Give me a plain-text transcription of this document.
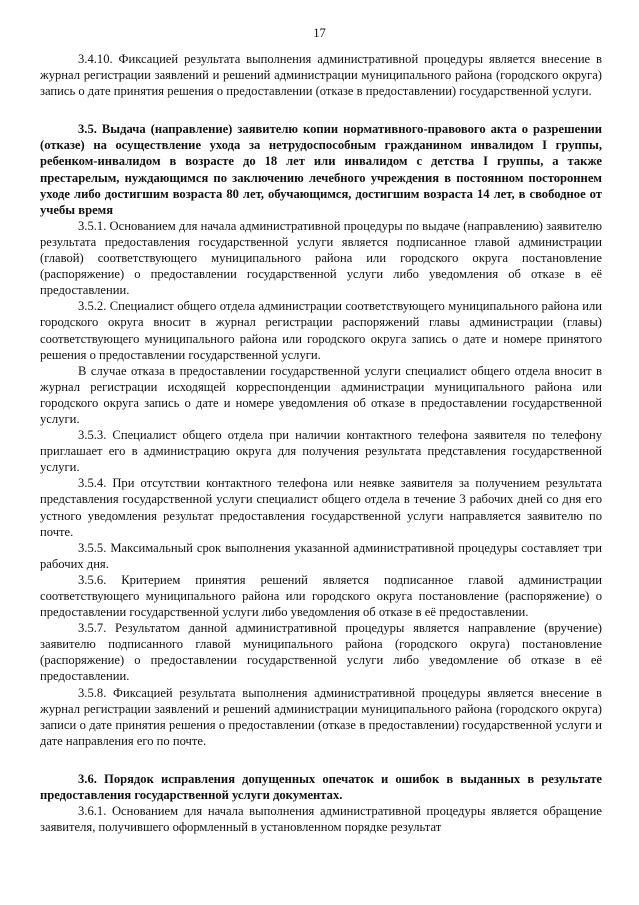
17

3.4.10. Фиксацией результата выполнения административной процедуры является внесение в журнал регистрации заявлений и решений администрации муниципального района (городского округа) запись о дате принятия решения о предоставлении (отказе в предоставлении) государственной услуги.

3.5. Выдача (направление) заявителю копии нормативного-правового акта о разрешении (отказе) на осуществление ухода за нетрудоспособным гражданином инвалидом I группы, ребенком-инвалидом в возрасте до 18 лет или инвалидом с детства I группы, а также престарелым, нуждающимся по заключению лечебного учреждения в постоянном постороннем уходе либо достигшим возраста 80 лет, обучающимся, достигшим возраста 14 лет, в свободное от учебы время

3.5.1. Основанием для начала административной процедуры по выдаче (направлению) заявителю результата предоставления государственной услуги является подписанное главой администрации (главой) соответствующего муниципального района или городского округа постановление (распоряжение) о предоставлении государственной услуги либо уведомления об отказе в её предоставлении.

3.5.2. Специалист общего отдела администрации соответствующего муниципального района или городского округа вносит в журнал регистрации распоряжений главы администрации (главы) соответствующего муниципального района или городского округа запись о дате и номере принятого решения о предоставлении государственной услуги.

В случае отказа в предоставлении государственной услуги специалист общего отдела вносит в журнал регистрации исходящей корреспонденции администрации муниципального района или городского округа запись о дате и номере уведомления об отказе в предоставлении государственной услуги.

3.5.3. Специалист общего отдела при наличии контактного телефона заявителя по телефону приглашает его в администрацию округа для получения результата представления государственной услуги.

3.5.4. При отсутствии контактного телефона или неявке заявителя за получением результата представления государственной услуги специалист общего отдела в течение 3 рабочих дней со дня его устного уведомления результат предоставления государственной услуги направляется заявителю по почте.

3.5.5. Максимальный срок выполнения указанной административной процедуры составляет три рабочих дня.

3.5.6. Критерием принятия решений является подписанное главой администрации соответствующего муниципального района или городского округа постановление (распоряжение) о предоставлении государственной услуги либо уведомления об отказе в её предоставлении.

3.5.7. Результатом данной административной процедуры является направление (вручение) заявителю подписанного главой муниципального района (городского округа) постановление (распоряжение) о предоставлении государственной услуги либо уведомление об отказе в её предоставлении.

3.5.8. Фиксацией результата выполнения административной процедуры является внесение в журнал регистрации заявлений и решений администрации муниципального района (городского округа) записи о дате принятия решения о предоставлении (отказе в предоставлении) государственной услуги и дате направления его по почте.

3.6. Порядок исправления допущенных опечаток и ошибок в выданных в результате предоставления государственной услуги документах.

3.6.1. Основанием для начала выполнения административной процедуры является обращение заявителя, получившего оформленный в установленном порядке результат
